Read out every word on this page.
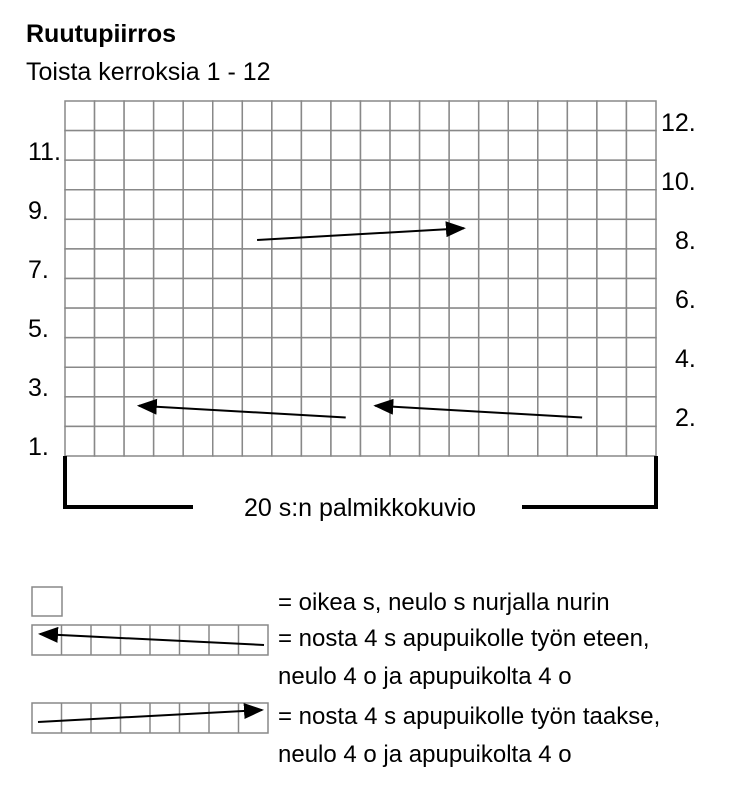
Ruutupiirros
Toista kerroksia 1 - 12
12.
10.
8.
6.
4.
2.
11.
9.
7.
5.
3.
1.
20 s:n palmikkokuvio
= oikea s, neulo s nurjalla nurin
= nosta 4 s apupuikolle työn eteen,
neulo 4 o ja apupuikolta 4 o
= nosta 4 s apupuikolle työn taakse,
neulo 4 o ja apupuikolta 4 o
